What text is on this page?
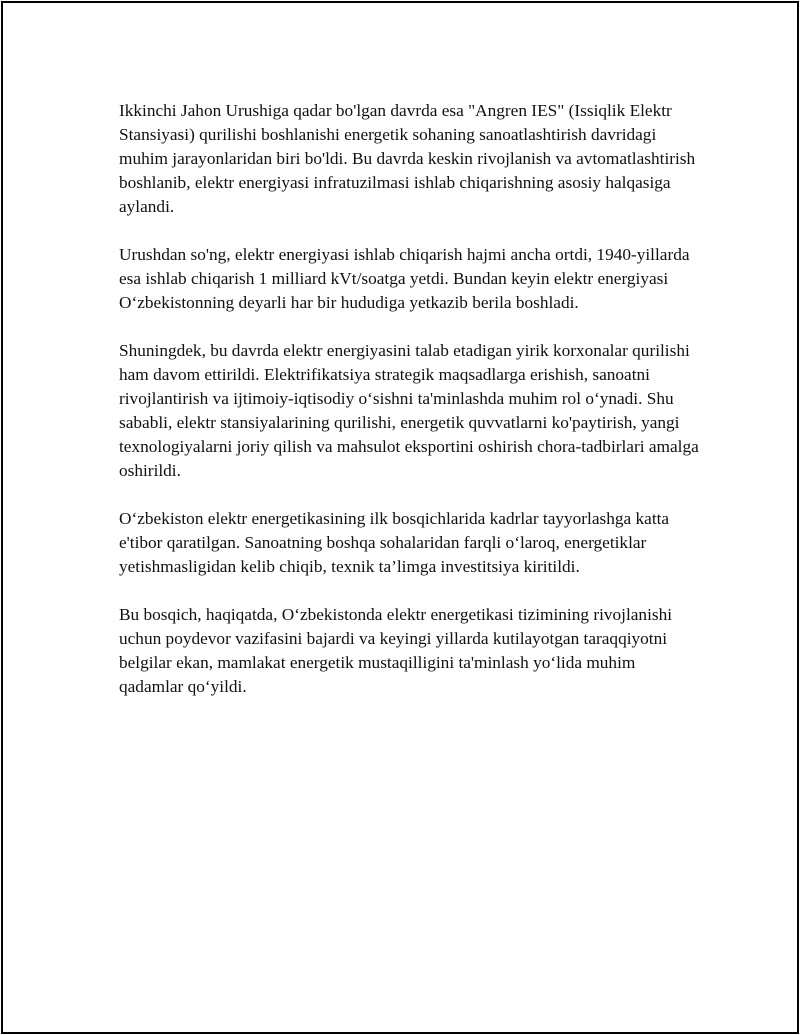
Ikkinchi Jahon Urushiga qadar bo'lgan davrda esa "Angren IES" (Issiqlik Elektr Stansiyasi) qurilishi boshlanishi energetik sohaning sanoatlashtirish davridagi muhim jarayonlaridan biri bo'ldi. Bu davrda keskin rivojlanish va avtomatlashtirish boshlanib, elektr energiyasi infratuzilmasi ishlab chiqarishning asosiy halqasiga aylandi.

Urushdan so'ng, elektr energiyasi ishlab chiqarish hajmi ancha ortdi, 1940-yillarda esa ishlab chiqarish 1 milliard kVt/soatga yetdi. Bundan keyin elektr energiyasi O‘zbekistonning deyarli har bir hududiga yetkazib berila boshladi.

Shuningdek, bu davrda elektr energiyasini talab etadigan yirik korxonalar qurilishi ham davom ettirildi. Elektrifikatsiya strategik maqsadlarga erishish, sanoatni rivojlantirish va ijtimoiy-iqtisodiy o‘sishni ta'minlashda muhim rol o‘ynadi. Shu sababli, elektr stansiyalarining qurilishi, energetik quvvatlarni ko'paytirish, yangi texnologiyalarni joriy qilish va mahsulot eksportini oshirish chora-tadbirlari amalga oshirildi.

O‘zbekiston elektr energetikasining ilk bosqichlarida kadrlar tayyorlashga katta e'tibor qaratilgan. Sanoatning boshqa sohalaridan farqli o‘laroq, energetiklar yetishmasligidan kelib chiqib, texnik ta’limga investitsiya kiritildi.

Bu bosqich, haqiqatda, O‘zbekistonda elektr energetikasi tizimining rivojlanishi uchun poydevor vazifasini bajardi va keyingi yillarda kutilayotgan taraqqiyotni belgilar ekan, mamlakat energetik mustaqilligini ta'minlash yo‘lida muhim qadamlar qo‘yildi.
